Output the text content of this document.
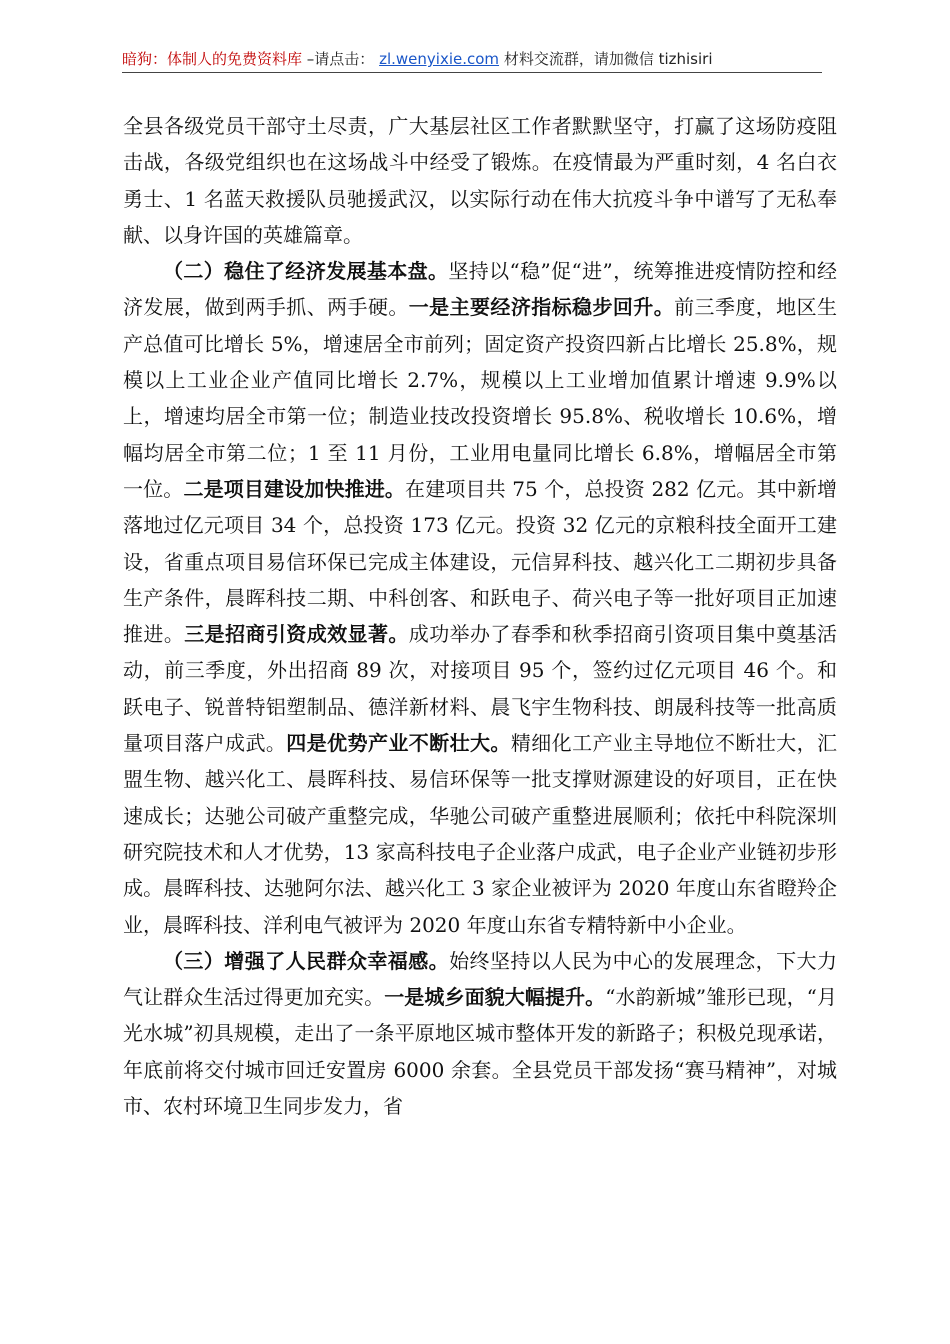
暗狗：体制人的免费资料库 –请点击： zl.wenyixie.com 材料交流群，请加微信 tizhisiri

全县各级党员干部守土尽责，广大基层社区工作者默默坚守，打赢了这场防疫阻击战，各级党组织也在这场战斗中经受了锻炼。在疫情最为严重时刻，4 名白衣勇士、1 名蓝天救援队员驰援武汉，以实际行动在伟大抗疫斗争中谱写了无私奉献、以身许国的英雄篇章。

（二）稳住了经济发展基本盘。坚持以“稳”促“进”，统筹推进疫情防控和经济发展，做到两手抓、两手硬。一是主要经济指标稳步回升。前三季度，地区生产总值可比增长 5%，增速居全市前列；固定资产投资四新占比增长 25.8%，规模以上工业企业产值同比增长 2.7%，规模以上工业增加值累计增速 9.9%以上，增速均居全市第一位；制造业技改投资增长 95.8%、税收增长 10.6%，增幅均居全市第二位；1 至 11 月份，工业用电量同比增长 6.8%，增幅居全市第一位。二是项目建设加快推进。在建项目共 75 个，总投资 282 亿元。其中新增落地过亿元项目 34 个，总投资 173 亿元。投资 32 亿元的京粮科技全面开工建设，省重点项目易信环保已完成主体建设，元信昇科技、越兴化工二期初步具备生产条件，晨晖科技二期、中科创客、和跃电子、荷兴电子等一批好项目正加速推进。三是招商引资成效显著。成功举办了春季和秋季招商引资项目集中奠基活动，前三季度，外出招商 89 次，对接项目 95 个，签约过亿元项目 46 个。和跃电子、锐普特铝塑制品、德洋新材料、晨飞宇生物科技、朗晟科技等一批高质量项目落户成武。四是优势产业不断壮大。精细化工产业主导地位不断壮大，汇盟生物、越兴化工、晨晖科技、易信环保等一批支撑财源建设的好项目，正在快速成长；达驰公司破产重整完成，华驰公司破产重整进展顺利；依托中科院深圳研究院技术和人才优势，13 家高科技电子企业落户成武，电子企业产业链初步形成。晨晖科技、达驰阿尔法、越兴化工 3 家企业被评为 2020 年度山东省瞪羚企业，晨晖科技、洋利电气被评为 2020 年度山东省专精特新中小企业。

（三）增强了人民群众幸福感。始终坚持以人民为中心的发展理念，下大力气让群众生活过得更加充实。一是城乡面貌大幅提升。“水韵新城”雏形已现，“月光水城”初具规模，走出了一条平原地区城市整体开发的新路子；积极兑现承诺，年底前将交付城市回迁安置房 6000 余套。全县党员干部发扬“赛马精神”，对城市、农村环境卫生同步发力，省
